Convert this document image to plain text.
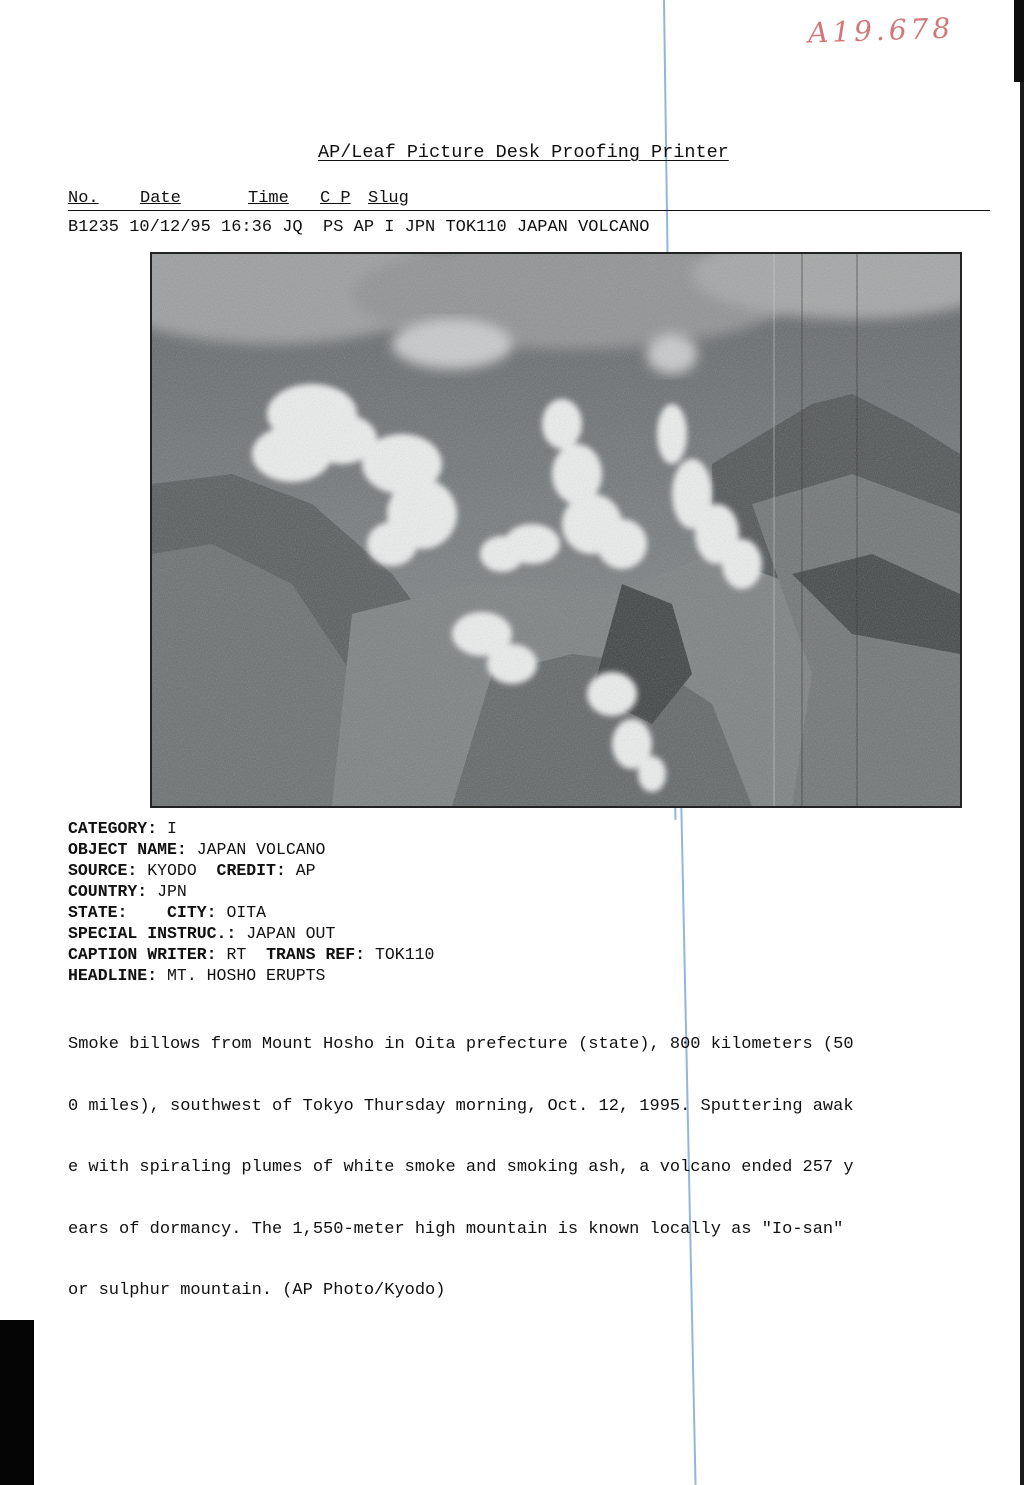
A19.678
AP/Leaf Picture Desk Proofing Printer
No. Date	Time C P Slug
B1235 10/12/95 16:36 JQ  PS AP I JPN TOK110 JAPAN VOLCANO
CATEGORY: I
OBJECT NAME: JAPAN VOLCANO
SOURCE: KYODO CREDIT: AP
COUNTRY: JPN
STATE: CITY: OITA
SPECIAL INSTRUC.: JAPAN OUT
CAPTION WRITER: RT TRANS REF: TOK110
HEADLINE: MT. HOSHO ERUPTS

Smoke billows from Mount Hosho in Oita prefecture (state), 800 kilometers (50

0 miles), southwest of Tokyo Thursday morning, Oct. 12, 1995. Sputtering awak

e with spiraling plumes of white smoke and smoking ash, a volcano ended 257 y

ears of dormancy. The 1,550-meter high mountain is known locally as "Io-san"

or sulphur mountain. (AP Photo/Kyodo)
